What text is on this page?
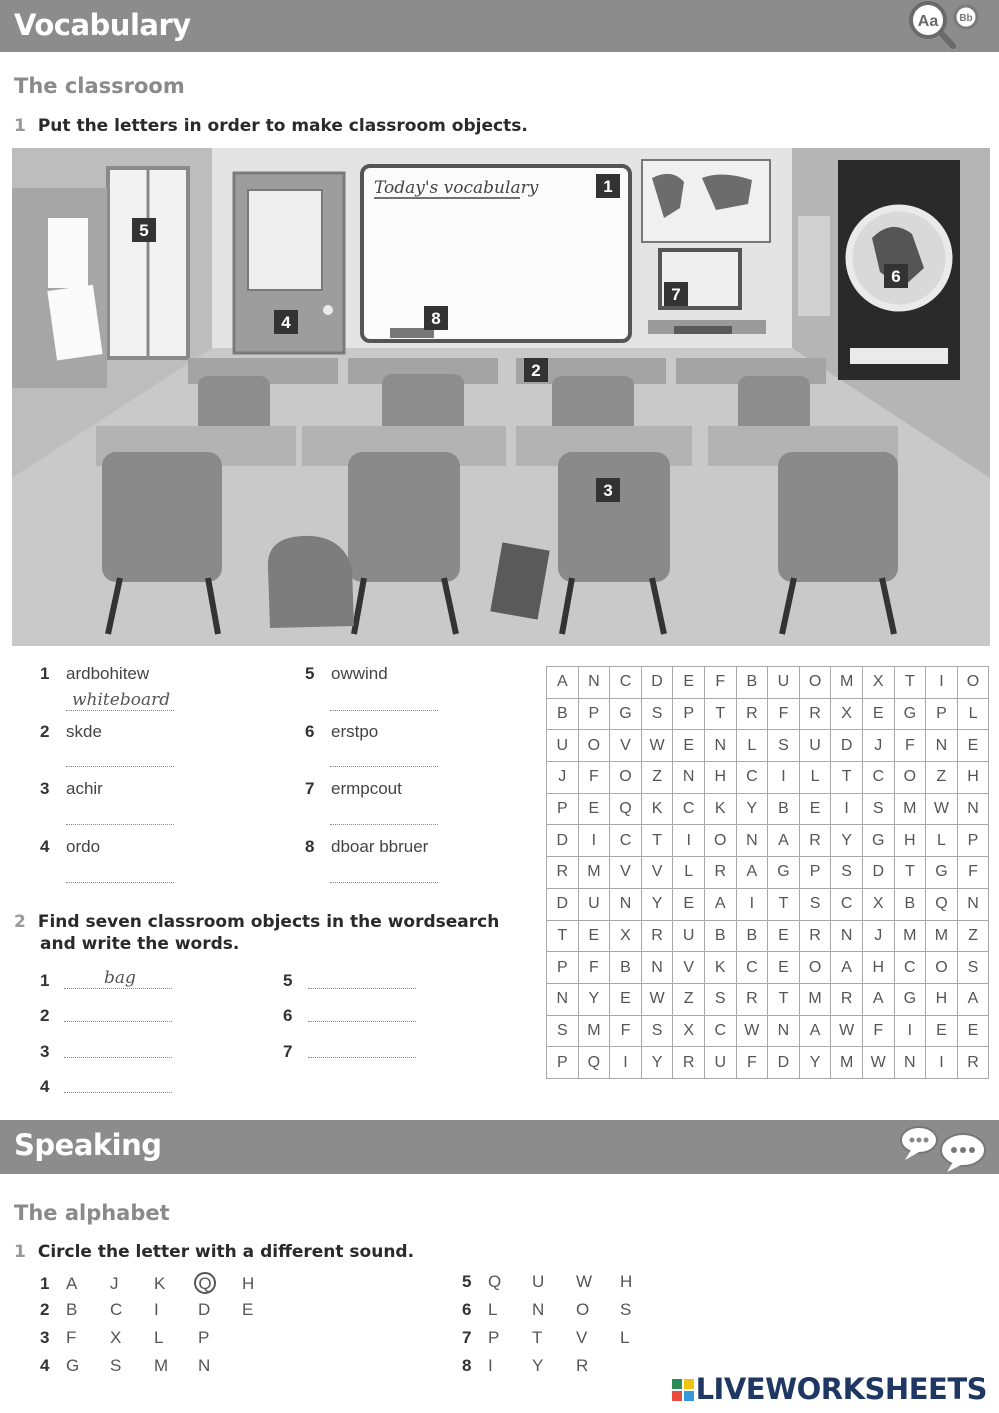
Vocabulary	Aa Bb
The classroom
1 Put the letters in order to make classroom objects.
Today's vocabulary	1
2
3
4
5
6
7
8
1 ardbohitew
whiteboard
2 skde
3 achir
4 ordo
5 owwind
6 erstpo
7 ermpcout
8 dboar bbruer
2 Find seven classroom objects in the wordsearch
and write the words.
1	bag
2
3
4
5
6
7
A	N	C	D	E	F	B	U	O	M	X	T	I	O
B	P	G	S	P	T	R	F	R	X	E	G	P	L
U	O	V	W	E	N	L	S	U	D	J	F	N	E
J	F	O	Z	N	H	C	I	L	T	C	O	Z	H
P	E	Q	K	C	K	Y	B	E	I	S	M	W	N
D	I	C	T	I	O	N	A	R	Y	G	H	L	P
R	M	V	V	L	R	A	G	P	S	D	T	G	F
D	U	N	Y	E	A	I	T	S	C	X	B	Q	N
T	E	X	R	U	B	B	E	R	N	J	M	M	Z
P	F	B	N	V	K	C	E	O	A	H	C	O	S
N	Y	E	W	Z	S	R	T	M	R	A	G	H	A
S	M	F	S	X	C	W	N	A	W	F	I	E	E
P	Q	I	Y	R	U	F	D	Y	M	W	N	I	R
Speaking
The alphabet
1 Circle the letter with a different sound.
1 A J K Q H
2 B C I D E
3 F X L P
4 G S M N
5 Q U W H
6 L N O S
7 P T V L
8 I Y R
LIVEWORKSHEETS
